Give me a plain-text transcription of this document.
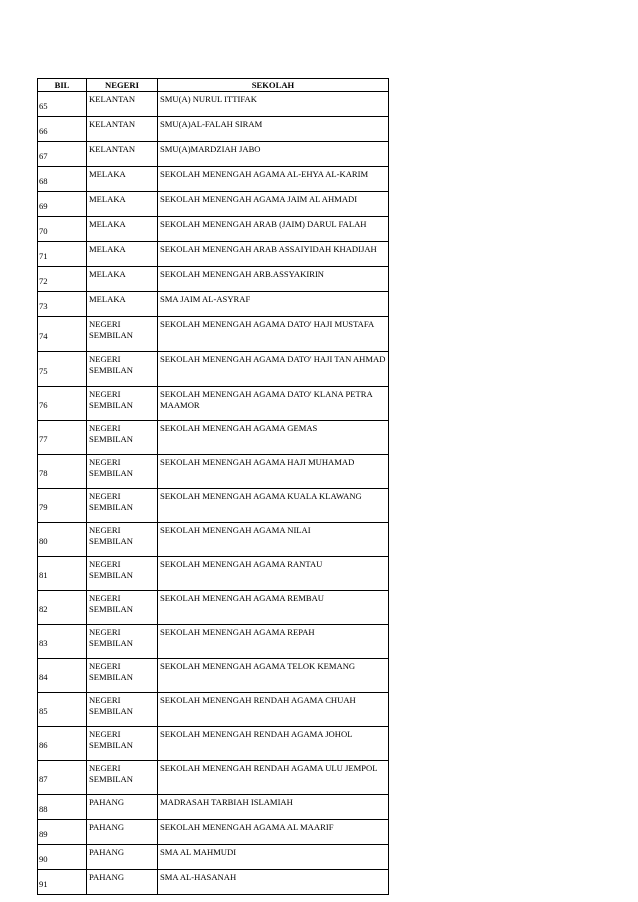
BIL	NEGERI	SEKOLAH
65	KELANTAN	SMU(A) NURUL ITTIFAK
66	KELANTAN	SMU(A)AL-FALAH SIRAM
67	KELANTAN	SMU(A)MARDZIAH JABO
68	MELAKA	SEKOLAH MENENGAH AGAMA AL-EHYA AL-KARIM
69	MELAKA	SEKOLAH MENENGAH AGAMA JAIM AL AHMADI
70	MELAKA	SEKOLAH MENENGAH ARAB (JAIM) DARUL FALAH
71	MELAKA	SEKOLAH MENENGAH ARAB ASSAIYIDAH KHADIJAH
72	MELAKA	SEKOLAH MENENGAH ARB.ASSYAKIRIN
73	MELAKA	SMA JAIM AL-ASYRAF
74	NEGERI SEMBILAN	SEKOLAH MENENGAH AGAMA DATO' HAJI MUSTAFA
75	NEGERI SEMBILAN	SEKOLAH MENENGAH AGAMA DATO' HAJI TAN AHMAD
76	NEGERI SEMBILAN	SEKOLAH MENENGAH AGAMA DATO' KLANA PETRA MAAMOR
77	NEGERI SEMBILAN	SEKOLAH MENENGAH AGAMA GEMAS
78	NEGERI SEMBILAN	SEKOLAH MENENGAH AGAMA HAJI MUHAMAD
79	NEGERI SEMBILAN	SEKOLAH MENENGAH AGAMA KUALA KLAWANG
80	NEGERI SEMBILAN	SEKOLAH MENENGAH AGAMA NILAI
81	NEGERI SEMBILAN	SEKOLAH MENENGAH AGAMA RANTAU
82	NEGERI SEMBILAN	SEKOLAH MENENGAH AGAMA REMBAU
83	NEGERI SEMBILAN	SEKOLAH MENENGAH AGAMA REPAH
84	NEGERI SEMBILAN	SEKOLAH MENENGAH AGAMA TELOK KEMANG
85	NEGERI SEMBILAN	SEKOLAH MENENGAH RENDAH AGAMA CHUAH
86	NEGERI SEMBILAN	SEKOLAH MENENGAH RENDAH AGAMA JOHOL
87	NEGERI SEMBILAN	SEKOLAH MENENGAH RENDAH AGAMA ULU JEMPOL
88	PAHANG	MADRASAH TARBIAH ISLAMIAH
89	PAHANG	SEKOLAH MENENGAH AGAMA AL MAARIF
90	PAHANG	SMA AL MAHMUDI
91	PAHANG	SMA AL-HASANAH
